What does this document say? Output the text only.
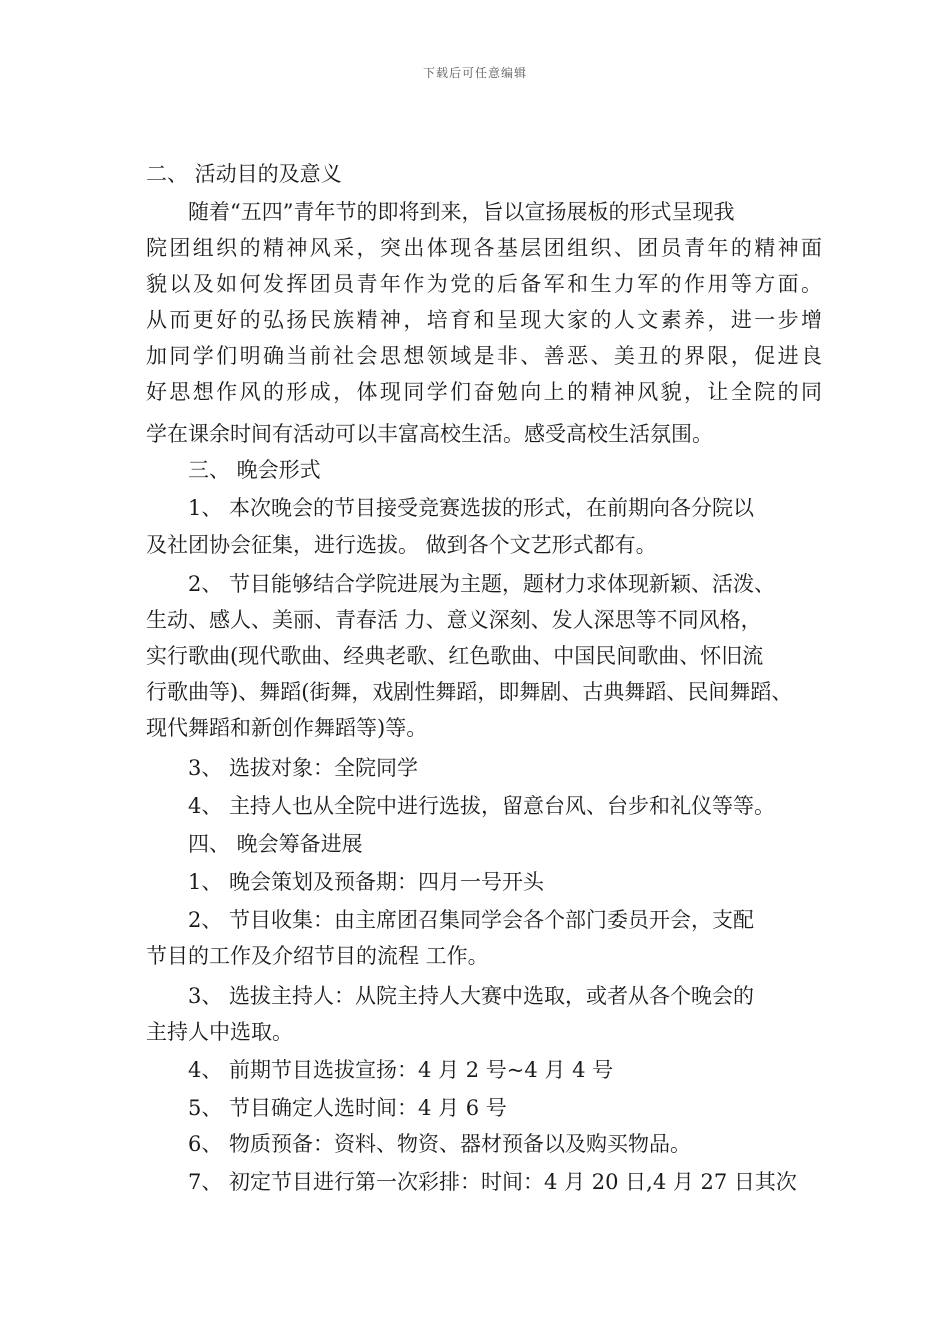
下载后可任意编辑
二、 活动目的及意义
随着“五四”青年节的即将到来，旨以宣扬展板的形式呈现我
院团组织的精神风采，突出体现各基层团组织、团员青年的精神面
貌以及如何发挥团员青年作为党的后备军和生力军的作用等方面。
从而更好的弘扬民族精神，培育和呈现大家的人文素养，进一步增
加同学们明确当前社会思想领域是非、善恶、美丑的界限，促进良
好思想作风的形成，体现同学们奋勉向上的精神风貌，让全院的同
学在课余时间有活动可以丰富高校生活。感受高校生活氛围。
三、 晚会形式
1、 本次晚会的节目接受竞赛选拔的形式，在前期向各分院以
及社团协会征集，进行选拔。 做到各个文艺形式都有。
2、 节目能够结合学院进展为主题，题材力求体现新颖、活泼、
生动、感人、美丽、青春活 力、意义深刻、发人深思等不同风格，
实行歌曲(现代歌曲、经典老歌、红色歌曲、中国民间歌曲、怀旧流
行歌曲等)、舞蹈(街舞，戏剧性舞蹈，即舞剧、古典舞蹈、民间舞蹈、
现代舞蹈和新创作舞蹈等)等。
3、 选拔对象：全院同学
4、 主持人也从全院中进行选拔，留意台风、台步和礼仪等等。
四、 晚会筹备进展
1、 晚会策划及预备期：四月一号开头
2、 节目收集：由主席团召集同学会各个部门委员开会，支配
节目的工作及介绍节目的流程 工作。
3、 选拔主持人：从院主持人大赛中选取，或者从各个晚会的
主持人中选取。
4、 前期节目选拔宣扬：4 月 2 号~4 月 4 号
5、 节目确定人选时间：4 月 6 号
6、 物质预备：资料、物资、器材预备以及购买物品。
7、 初定节目进行第一次彩排：时间：4 月 20 日,4 月 27 日其次
